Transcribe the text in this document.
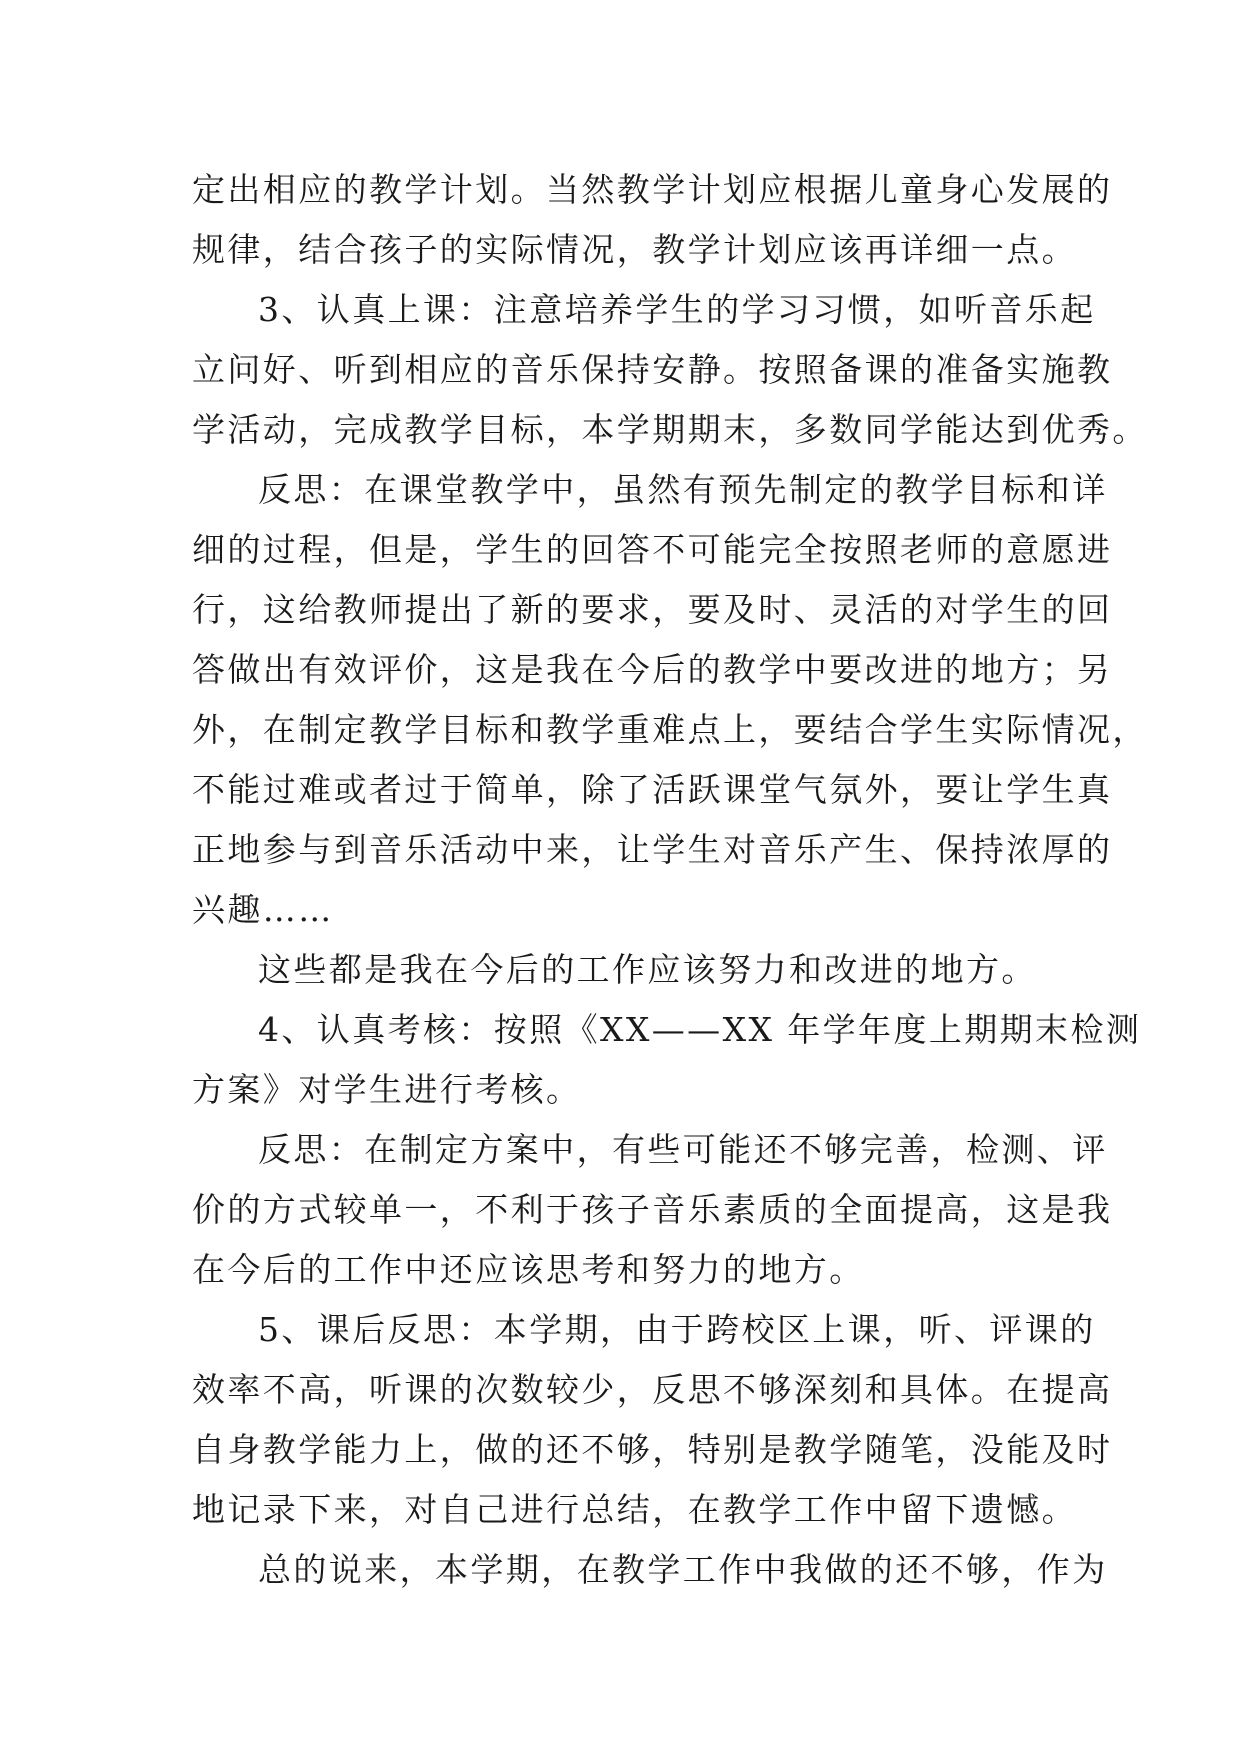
定出相应的教学计划。当然教学计划应根据儿童身心发展的
规律，结合孩子的实际情况，教学计划应该再详细一点。
3、认真上课：注意培养学生的学习习惯，如听音乐起
立问好、听到相应的音乐保持安静。按照备课的准备实施教
学活动，完成教学目标，本学期期末，多数同学能达到优秀。
反思：在课堂教学中，虽然有预先制定的教学目标和详
细的过程，但是，学生的回答不可能完全按照老师的意愿进
行，这给教师提出了新的要求，要及时、灵活的对学生的回
答做出有效评价，这是我在今后的教学中要改进的地方；另
外，在制定教学目标和教学重难点上，要结合学生实际情况，
不能过难或者过于简单，除了活跃课堂气氛外，要让学生真
正地参与到音乐活动中来，让学生对音乐产生、保持浓厚的
兴趣……
这些都是我在今后的工作应该努力和改进的地方。
4、认真考核：按照《XX——XX 年学年度上期期末检测
方案》对学生进行考核。
反思：在制定方案中，有些可能还不够完善，检测、评
价的方式较单一，不利于孩子音乐素质的全面提高，这是我
在今后的工作中还应该思考和努力的地方。
5、课后反思：本学期，由于跨校区上课，听、评课的
效率不高，听课的次数较少，反思不够深刻和具体。在提高
自身教学能力上，做的还不够，特别是教学随笔，没能及时
地记录下来，对自己进行总结，在教学工作中留下遗憾。
总的说来，本学期，在教学工作中我做的还不够，作为
